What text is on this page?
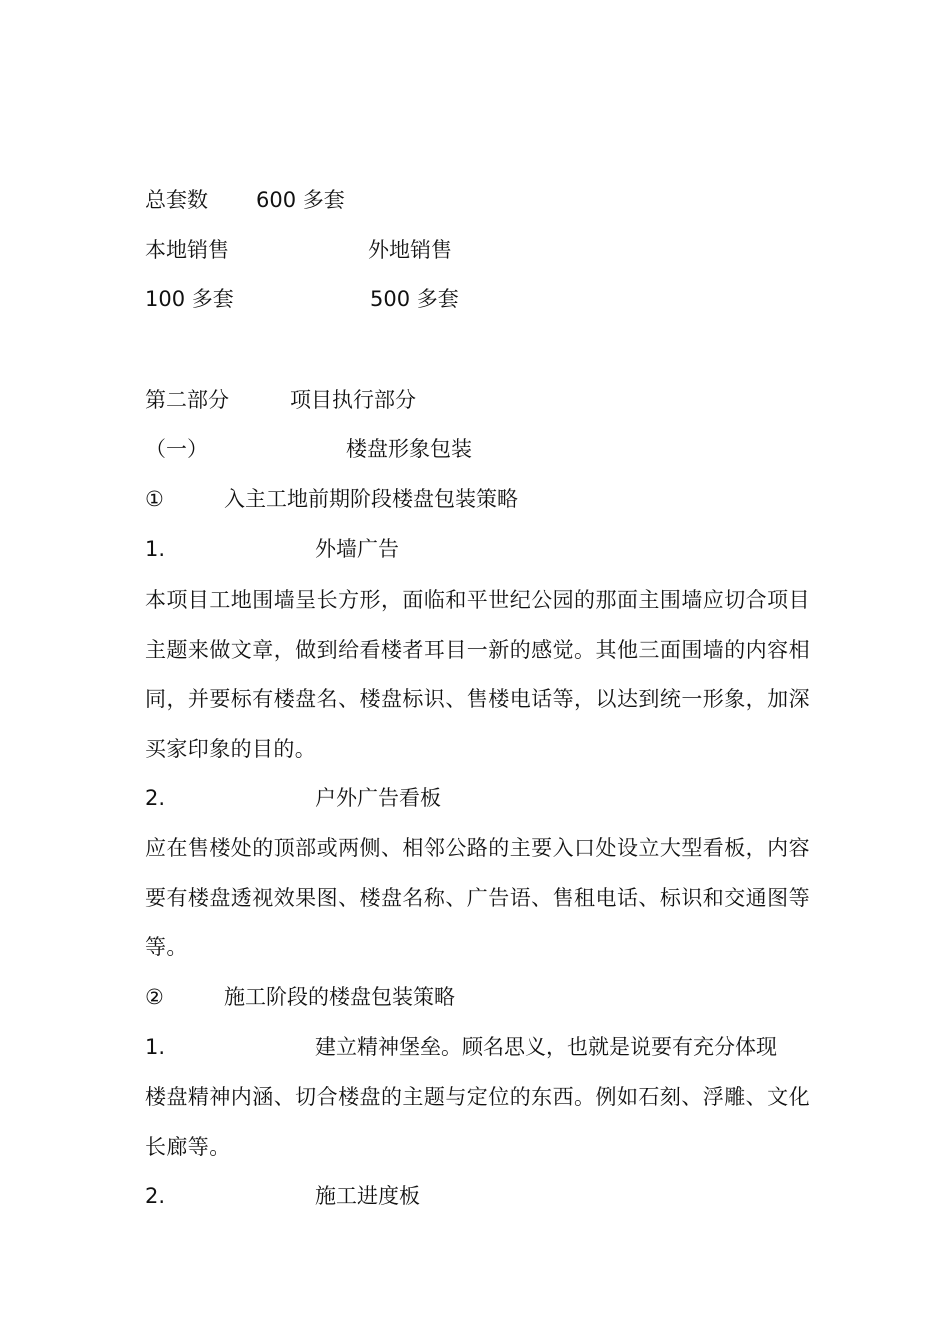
总套数 600 多套
本地销售	外地销售
100 多套	500 多套
第二部分	项目执行部分
（一）	楼盘形象包装
①	入主工地前期阶段楼盘包装策略
1.	外墙广告
本项目工地围墙呈长方形，面临和平世纪公园的那面主围墙应切合项目主题来做文章，做到给看楼者耳目一新的感觉。其他三面围墙的内容相同，并要标有楼盘名、楼盘标识、售楼电话等，以达到统一形象，加深买家印象的目的。
2.	户外广告看板
应在售楼处的顶部或两侧、相邻公路的主要入口处设立大型看板，内容要有楼盘透视效果图、楼盘名称、广告语、售租电话、标识和交通图等等。
②	施工阶段的楼盘包装策略
1.	建立精神堡垒。顾名思义，也就是说要有充分体现
楼盘精神内涵、切合楼盘的主题与定位的东西。例如石刻、浮雕、文化长廊等。
2.	施工进度板
